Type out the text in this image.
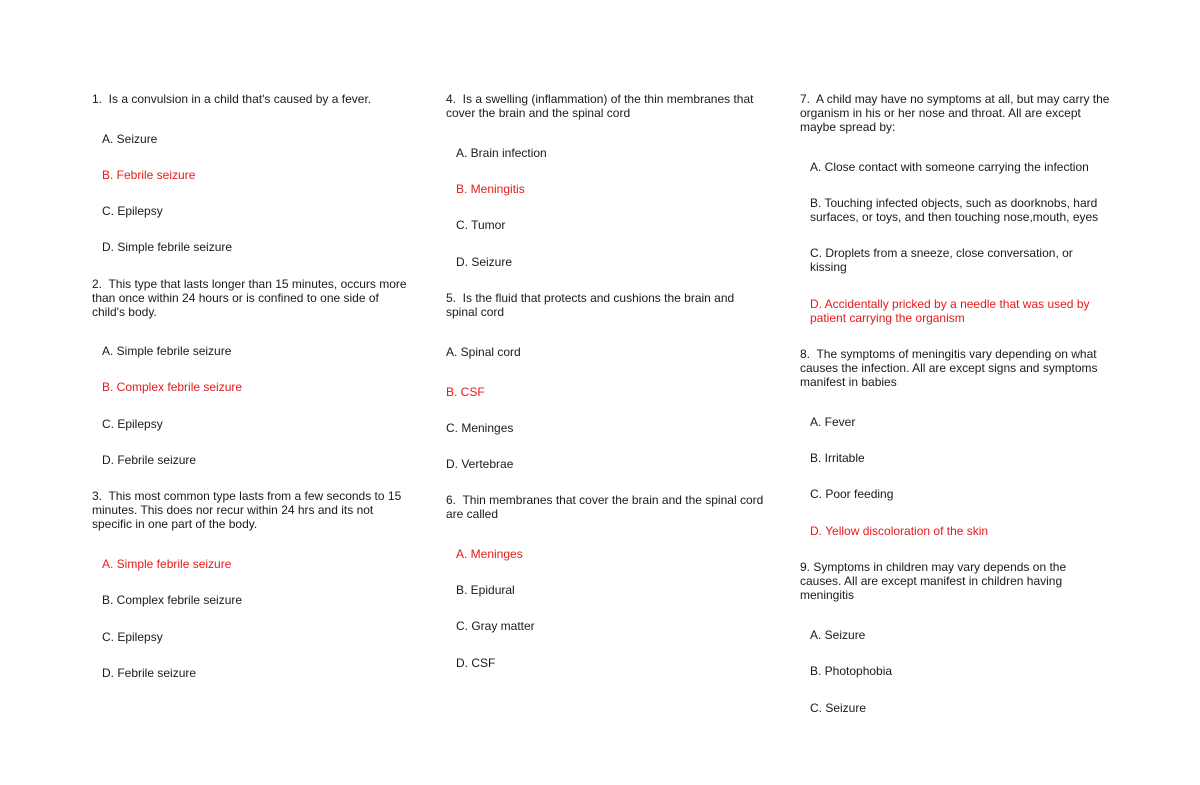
1.  Is a convulsion in a child that's caused by a fever.

A. Seizure
B. Febrile seizure
C. Epilepsy
D. Simple febrile seizure

2.  This type that lasts longer than 15 minutes, occurs more than once within 24 hours or is confined to one side of child's body.

A. Simple febrile seizure
B. Complex febrile seizure
C. Epilepsy
D. Febrile seizure

3.  This most common type lasts from a few seconds to 15 minutes. This does nor recur within 24 hrs and its not specific in one part of the body.

A. Simple febrile seizure
B. Complex febrile seizure
C. Epilepsy
D. Febrile seizure

4.  Is a swelling (inflammation) of the thin membranes that cover the brain and the spinal cord

A. Brain infection
B. Meningitis
C. Tumor
D. Seizure

5.  Is the fluid that protects and cushions the brain and spinal cord

A. Spinal cord
B. CSF
C. Meninges
D. Vertebrae

6.  Thin membranes that cover the brain and the spinal cord are called

A. Meninges
B. Epidural
C. Gray matter
D. CSF

7.  A child may have no symptoms at all, but may carry the organism in his or her nose and throat. All are except maybe spread by:

A. Close contact with someone carrying the infection
B. Touching infected objects, such as doorknobs, hard surfaces, or toys, and then touching nose,mouth, eyes
C. Droplets from a sneeze, close conversation, or kissing
D. Accidentally pricked by a needle that was used by patient carrying the organism

8.  The symptoms of meningitis vary depending on what causes the infection. All are except signs and symptoms manifest in babies

A. Fever
B. Irritable
C. Poor feeding
D. Yellow discoloration of the skin

9. Symptoms in children may vary depends on the causes. All are except manifest in children having meningitis

A. Seizure
B. Photophobia
C. Seizure
